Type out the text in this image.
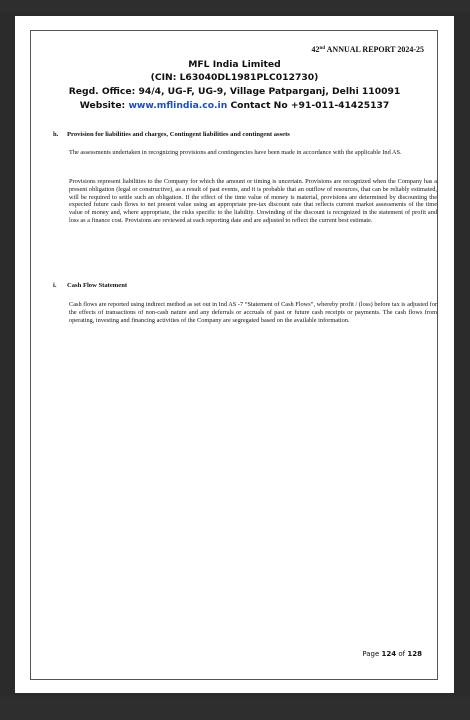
42nd ANNUAL REPORT 2024-25
MFL India Limited
(CIN: L63040DL1981PLC012730)
Regd. Office: 94/4, UG-F, UG-9, Village Patparganj, Delhi 110091
Website: www.mflindia.co.in Contact No +91-011-41425137
h. Provision for liabilities and charges, Contingent liabilities and contingent assets
The assessments undertaken in recognizing provisions and contingencies have been made in accordance with the applicable Ind AS.
Provisions represent liabilities to the Company for which the amount or timing is uncertain. Provisions are recognized when the Company has a present obligation (legal or constructive), as a result of past events, and it is probable that an outflow of resources, that can be reliably estimated, will be required to settle such an obligation. If the effect of the time value of money is material, provisions are determined by discounting the expected future cash flows to net present value using an appropriate pre-tax discount rate that reflects current market assessments of the time value of money and, where appropriate, the risks specific to the liability. Unwinding of the discount is recognized in the statement of profit and loss as a finance cost. Provisions are reviewed at each reporting date and are adjusted to reflect the current best estimate.
i. Cash Flow Statement
Cash flows are reported using indirect method as set out in Ind AS -7 “Statement of Cash Flows”, whereby profit / (loss) before tax is adjusted for the effects of transactions of non-cash nature and any deferrals or accruals of past or future cash receipts or payments. The cash flows from operating, investing and financing activities of the Company are segregated based on the available information.
Page 124 of 128
